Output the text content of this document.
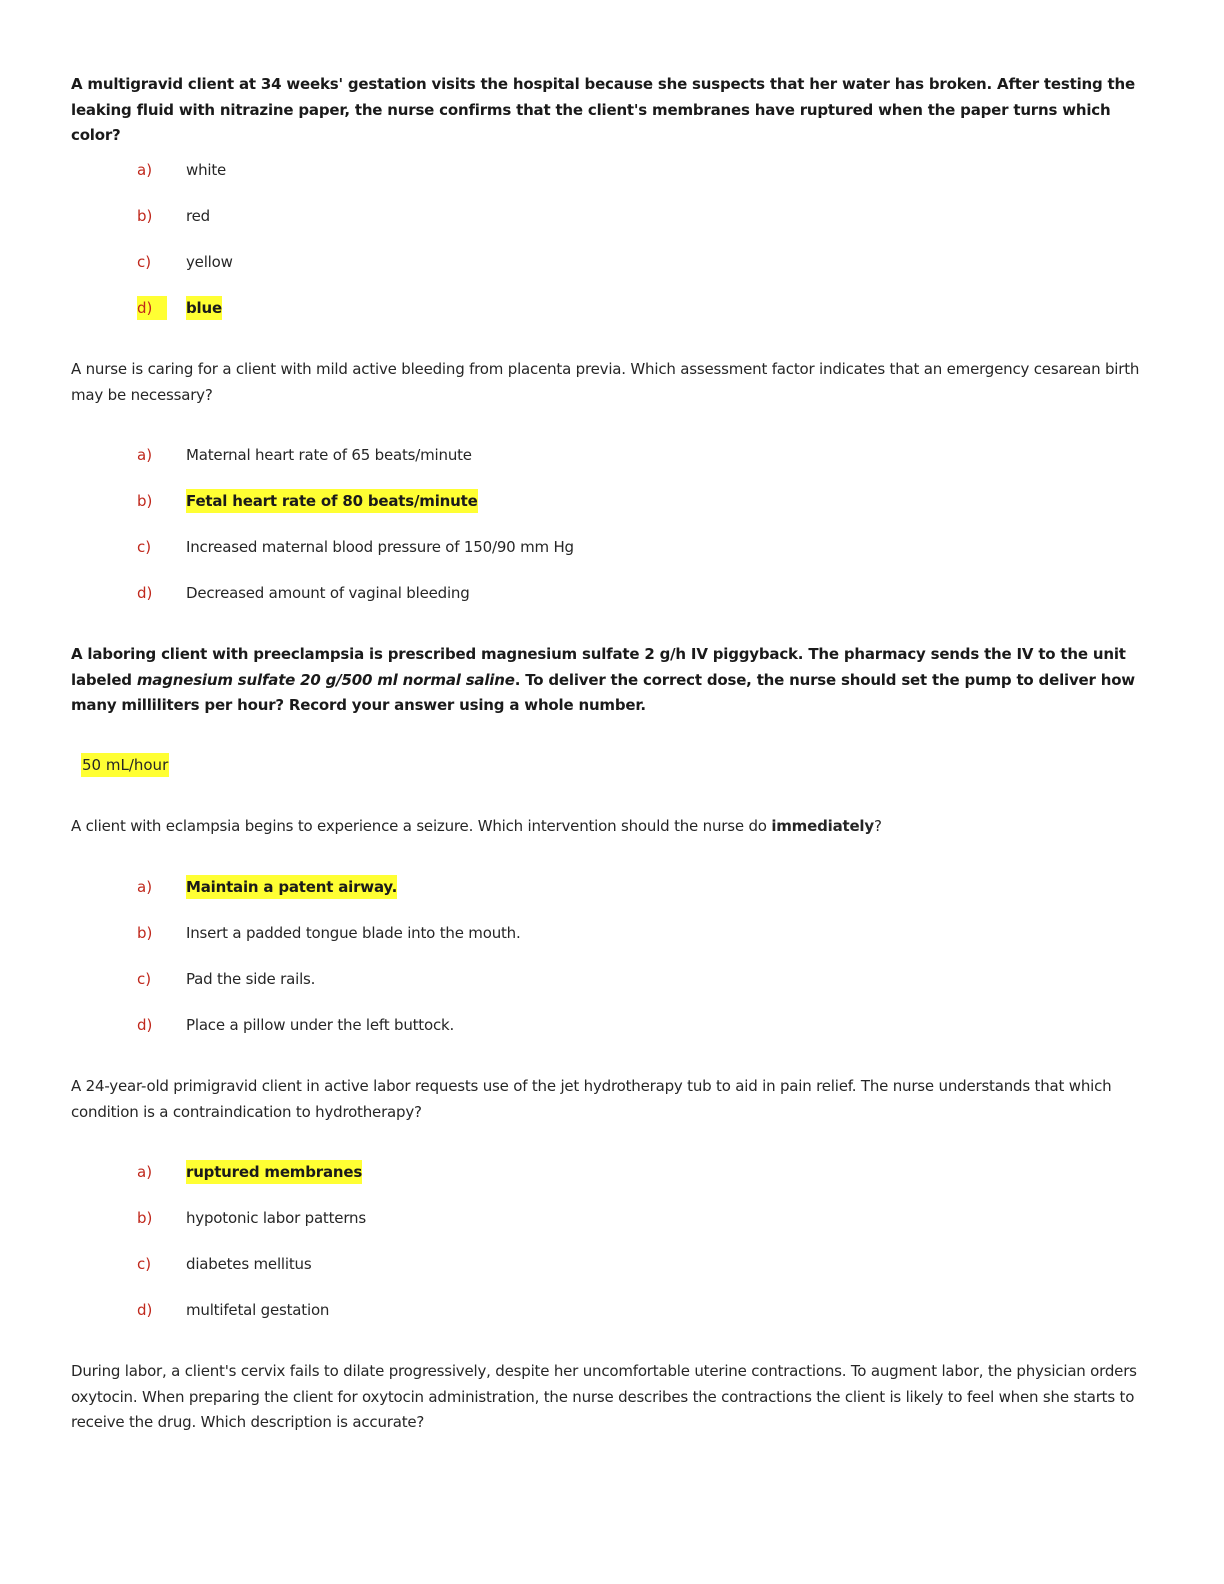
A multigravid client at 34 weeks' gestation visits the hospital because she suspects that her water has broken. After testing the leaking fluid with nitrazine paper, the nurse confirms that the client's membranes have ruptured when the paper turns which color?
a)	white
b)	red
c)	yellow
d)	blue
A nurse is caring for a client with mild active bleeding from placenta previa. Which assessment factor indicates that an emergency cesarean birth may be necessary?
a)	Maternal heart rate of 65 beats/minute
b)	Fetal heart rate of 80 beats/minute
c)	Increased maternal blood pressure of 150/90 mm Hg
d)	Decreased amount of vaginal bleeding
A laboring client with preeclampsia is prescribed magnesium sulfate 2 g/h IV piggyback. The pharmacy sends the IV to the unit labeled magnesium sulfate 20 g/500 ml normal saline. To deliver the correct dose, the nurse should set the pump to deliver how many milliliters per hour? Record your answer using a whole number.
50 mL/hour
A client with eclampsia begins to experience a seizure. Which intervention should the nurse do immediately?
a)	Maintain a patent airway.
b)	Insert a padded tongue blade into the mouth.
c)	Pad the side rails.
d)	Place a pillow under the left buttock.
A 24-year-old primigravid client in active labor requests use of the jet hydrotherapy tub to aid in pain relief. The nurse understands that which condition is a contraindication to hydrotherapy?
a)	ruptured membranes
b)	hypotonic labor patterns
c)	diabetes mellitus
d)	multifetal gestation
During labor, a client's cervix fails to dilate progressively, despite her uncomfortable uterine contractions. To augment labor, the physician orders oxytocin. When preparing the client for oxytocin administration, the nurse describes the contractions the client is likely to feel when she starts to receive the drug. Which description is accurate?
